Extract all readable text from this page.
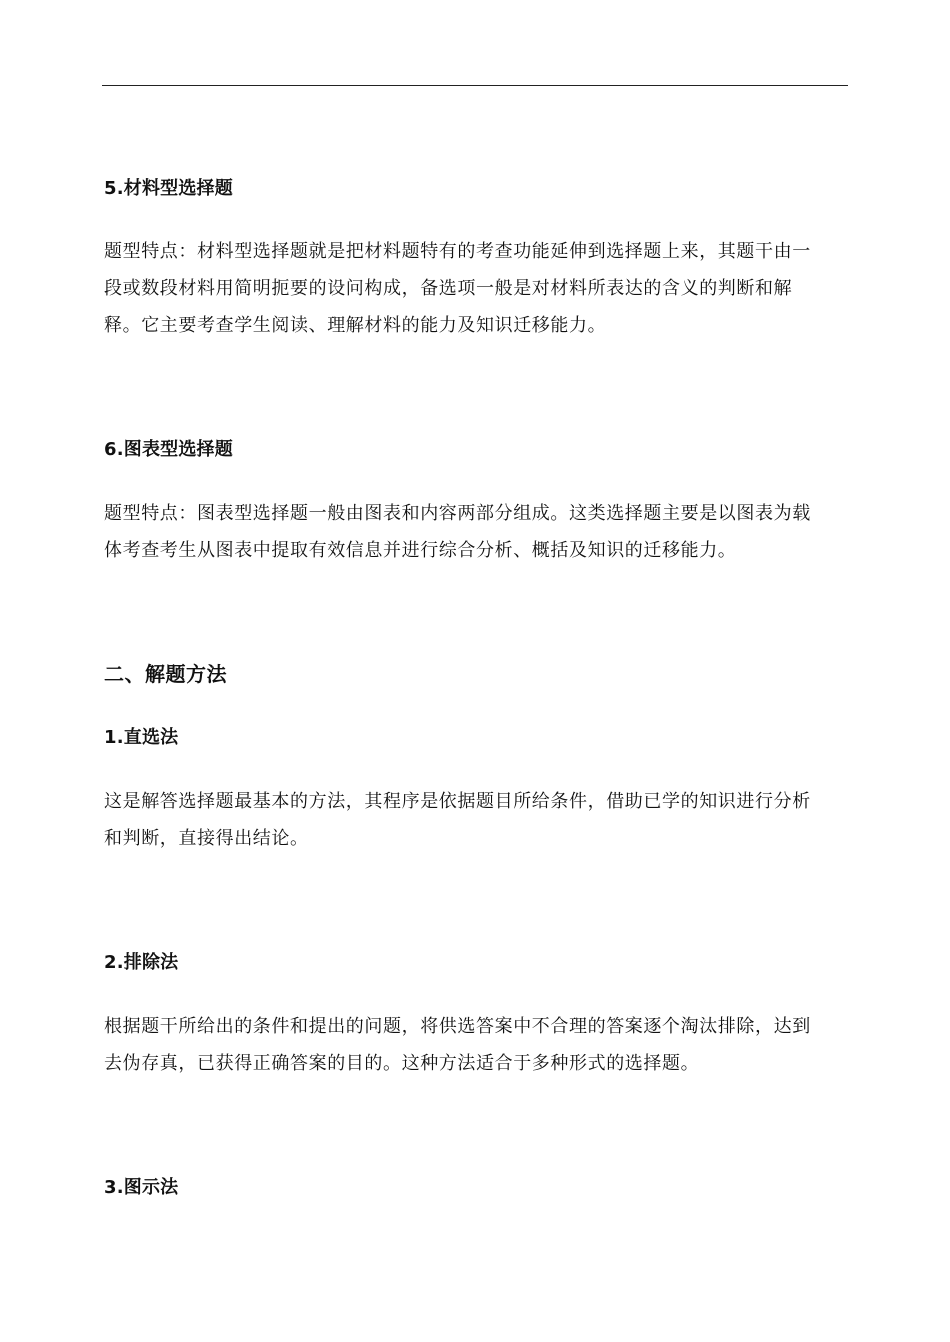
5.材料型选择题
题型特点：材料型选择题就是把材料题特有的考查功能延伸到选择题上来，其题干由一
段或数段材料用简明扼要的设问构成，备选项一般是对材料所表达的含义的判断和解
释。它主要考查学生阅读、理解材料的能力及知识迁移能力。
6.图表型选择题
题型特点：图表型选择题一般由图表和内容两部分组成。这类选择题主要是以图表为载
体考查考生从图表中提取有效信息并进行综合分析、概括及知识的迁移能力。
二、解题方法
1.直选法
这是解答选择题最基本的方法，其程序是依据题目所给条件，借助已学的知识进行分析
和判断，直接得出结论。
2.排除法
根据题干所给出的条件和提出的问题，将供选答案中不合理的答案逐个淘汰排除，达到
去伪存真，已获得正确答案的目的。这种方法适合于多种形式的选择题。
3.图示法
